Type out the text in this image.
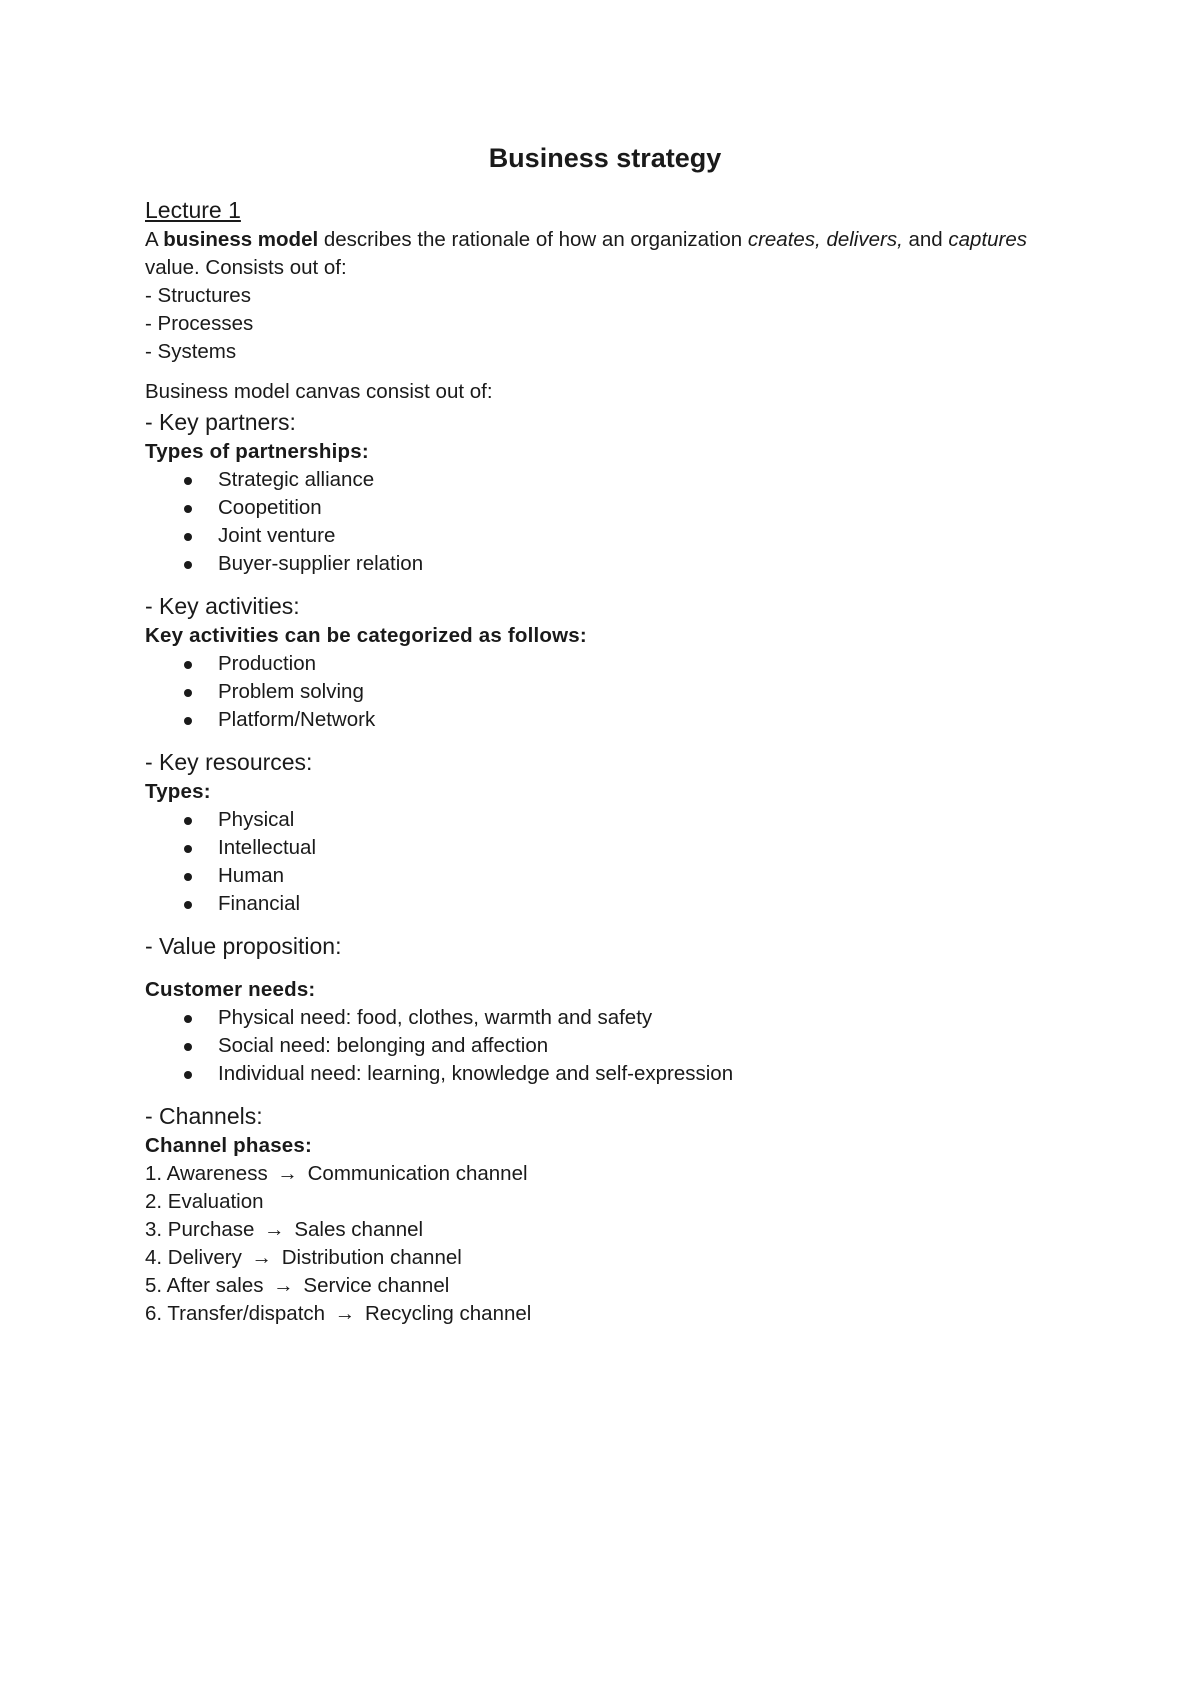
Business strategy

Lecture 1

A business model describes the rationale of how an organization creates, delivers, and captures value. Consists out of:

- Structures
- Processes
- Systems

Business model canvas consist out of:

- Key partners:

Types of partnerships:

Strategic alliance
Coopetition
Joint venture
Buyer-supplier relation

- Key activities:

Key activities can be categorized as follows:

Production
Problem solving
Platform/Network

- Key resources:

Types:

Physical
Intellectual
Human
Financial

- Value proposition:

Customer needs:

Physical need: food, clothes, warmth and safety
Social need: belonging and affection
Individual need: learning, knowledge and self-expression

- Channels:

Channel phases:

1. Awareness → Communication channel
2. Evaluation
3. Purchase → Sales channel
4. Delivery → Distribution channel
5. After sales → Service channel
6. Transfer/dispatch → Recycling channel
